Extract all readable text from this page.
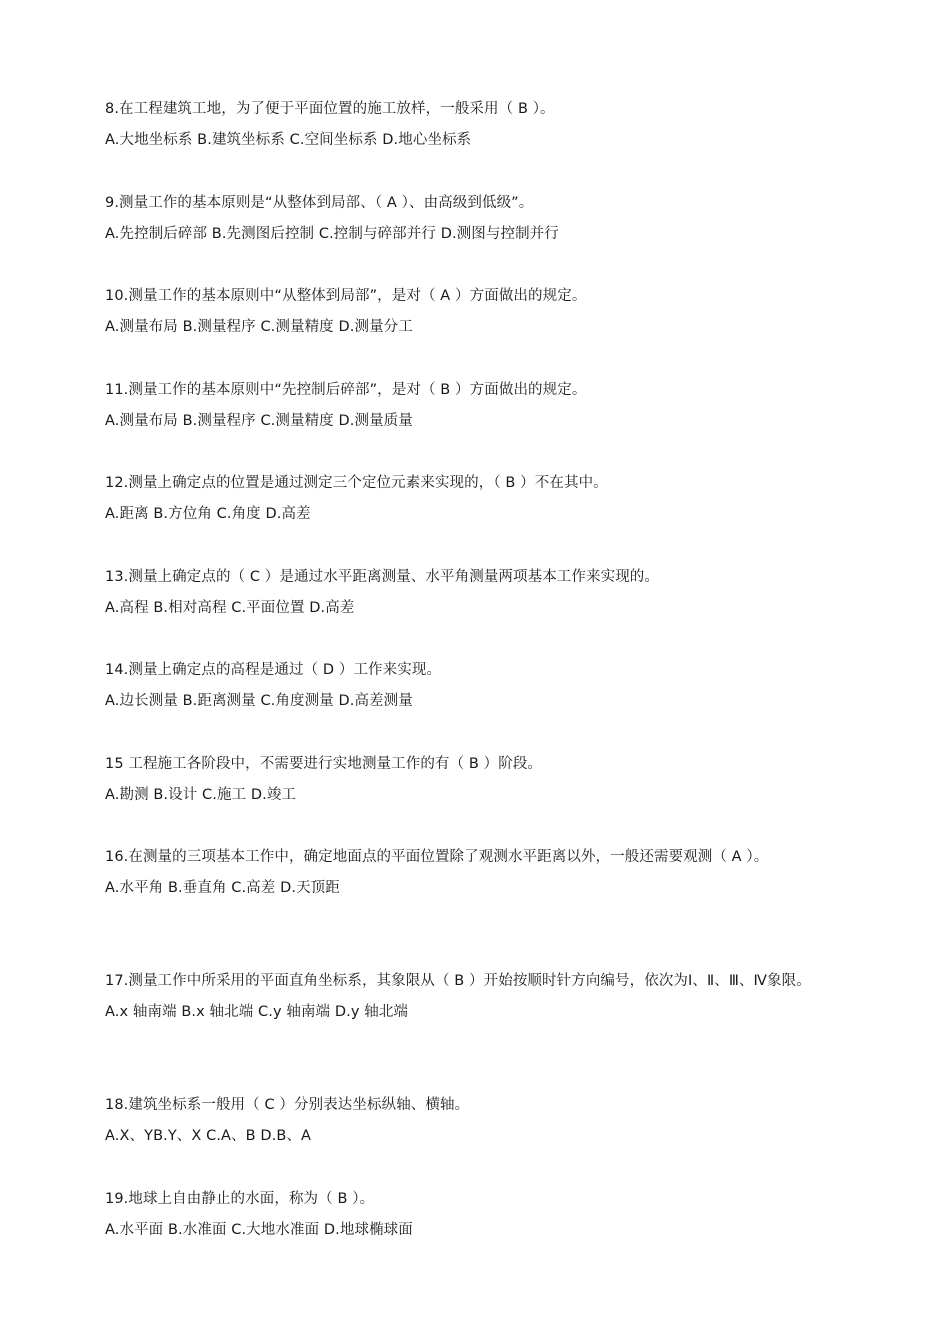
8.在工程建筑工地，为了便于平面位置的施工放样，一般采用（ B ）。

A.大地坐标系 B.建筑坐标系 C.空间坐标系 D.地心坐标系

9.测量工作的基本原则是“从整体到局部、（ A ）、由高级到低级”。

A.先控制后碎部 B.先测图后控制 C.控制与碎部并行 D.测图与控制并行

10.测量工作的基本原则中“从整体到局部”，是对（ A ）方面做出的规定。

A.测量布局 B.测量程序 C.测量精度 D.测量分工

11.测量工作的基本原则中“先控制后碎部”，是对（ B ）方面做出的规定。

A.测量布局 B.测量程序 C.测量精度 D.测量质量

12.测量上确定点的位置是通过测定三个定位元素来实现的，（ B ）不在其中。

A.距离 B.方位角 C.角度 D.高差

13.测量上确定点的（ C ）是通过水平距离测量、水平角测量两项基本工作来实现的。

A.高程 B.相对高程 C.平面位置 D.高差

14.测量上确定点的高程是通过（ D ）工作来实现。

A.边长测量 B.距离测量 C.角度测量 D.高差测量

15 工程施工各阶段中，不需要进行实地测量工作的有（ B ）阶段。

A.勘测 B.设计 C.施工 D.竣工

16.在测量的三项基本工作中，确定地面点的平面位置除了观测水平距离以外，一般还需要观测（ A ）。

A.水平角 B.垂直角 C.高差 D.天顶距

17.测量工作中所采用的平面直角坐标系，其象限从（ B ）开始按顺时针方向编号，依次为Ⅰ、Ⅱ、Ⅲ、Ⅳ象限。

A.x 轴南端 B.x 轴北端 C.y 轴南端 D.y 轴北端

18.建筑坐标系一般用（ C ）分别表达坐标纵轴、横轴。

A.X、YB.Y、X C.A、B D.B、A

19.地球上自由静止的水面，称为（ B ）。

A.水平面 B.水准面 C.大地水准面 D.地球椭球面
